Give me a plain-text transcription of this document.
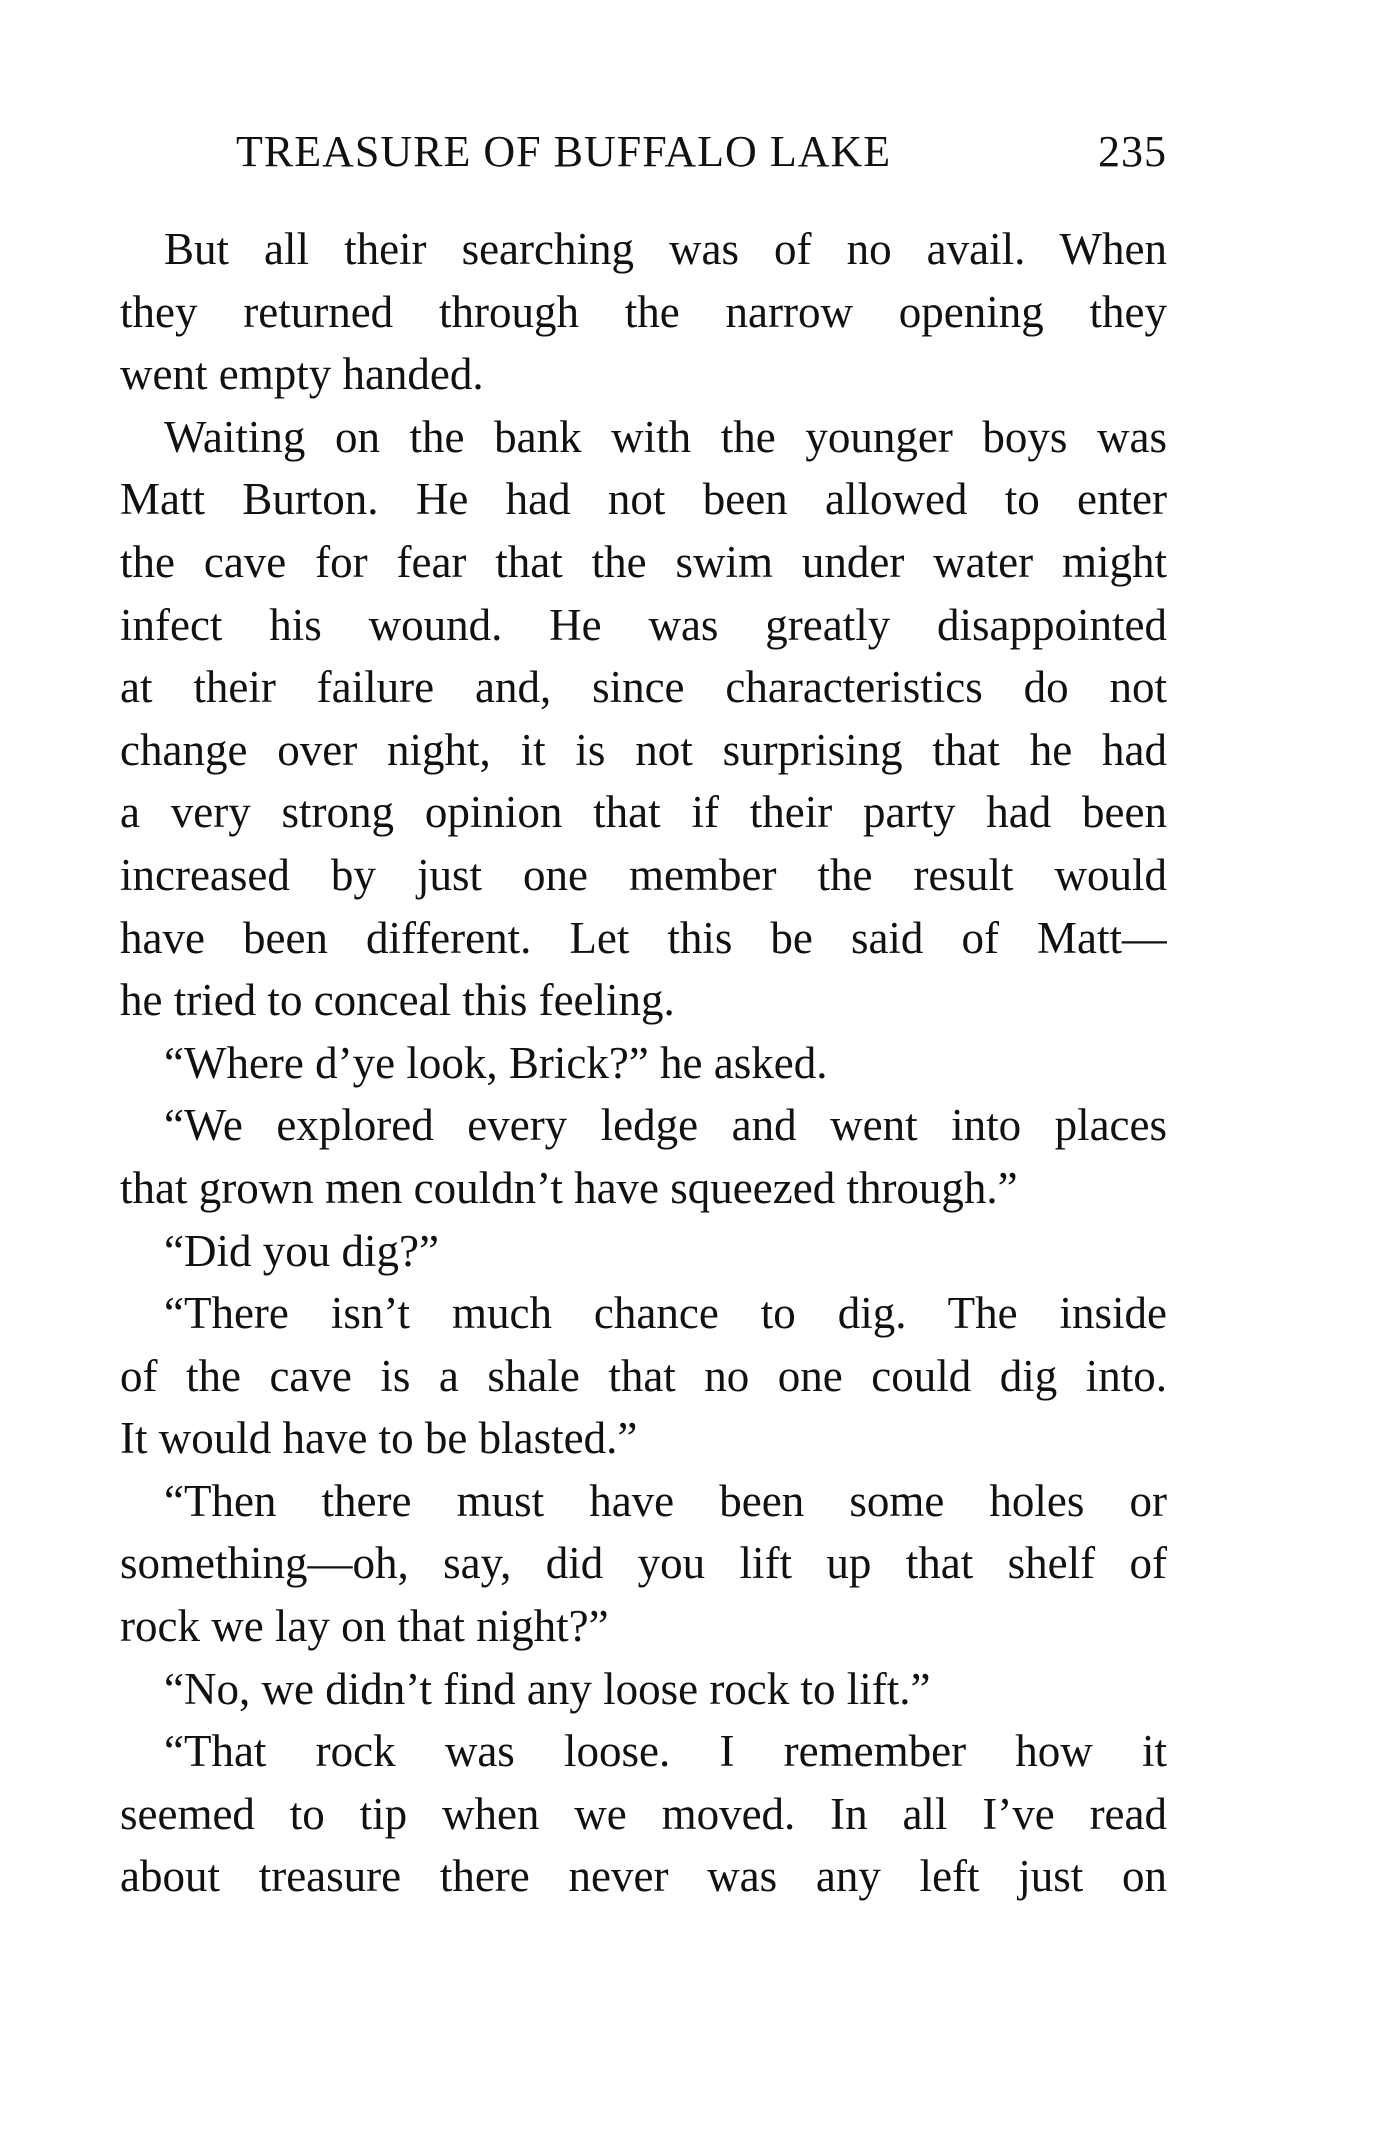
TREASURE OF BUFFALO LAKE	235
But all their searching was of no avail. When
they returned through the narrow opening they
went empty handed.
Waiting on the bank with the younger boys was
Matt Burton. He had not been allowed to enter
the cave for fear that the swim under water might
infect his wound. He was greatly disappointed
at their failure and, since characteristics do not
change over night, it is not surprising that he had
a very strong opinion that if their party had been
increased by just one member the result would
have been different. Let this be said of Matt—
he tried to conceal this feeling.
“Where d’ye look, Brick?” he asked.
“We explored every ledge and went into places
that grown men couldn’t have squeezed through.”
“Did you dig?”
“There isn’t much chance to dig. The inside
of the cave is a shale that no one could dig into.
It would have to be blasted.”
“Then there must have been some holes or
something—oh, say, did you lift up that shelf of
rock we lay on that night?”
“No, we didn’t find any loose rock to lift.”
“That rock was loose. I remember how it
seemed to tip when we moved. In all I’ve read
about treasure there never was any left just on
